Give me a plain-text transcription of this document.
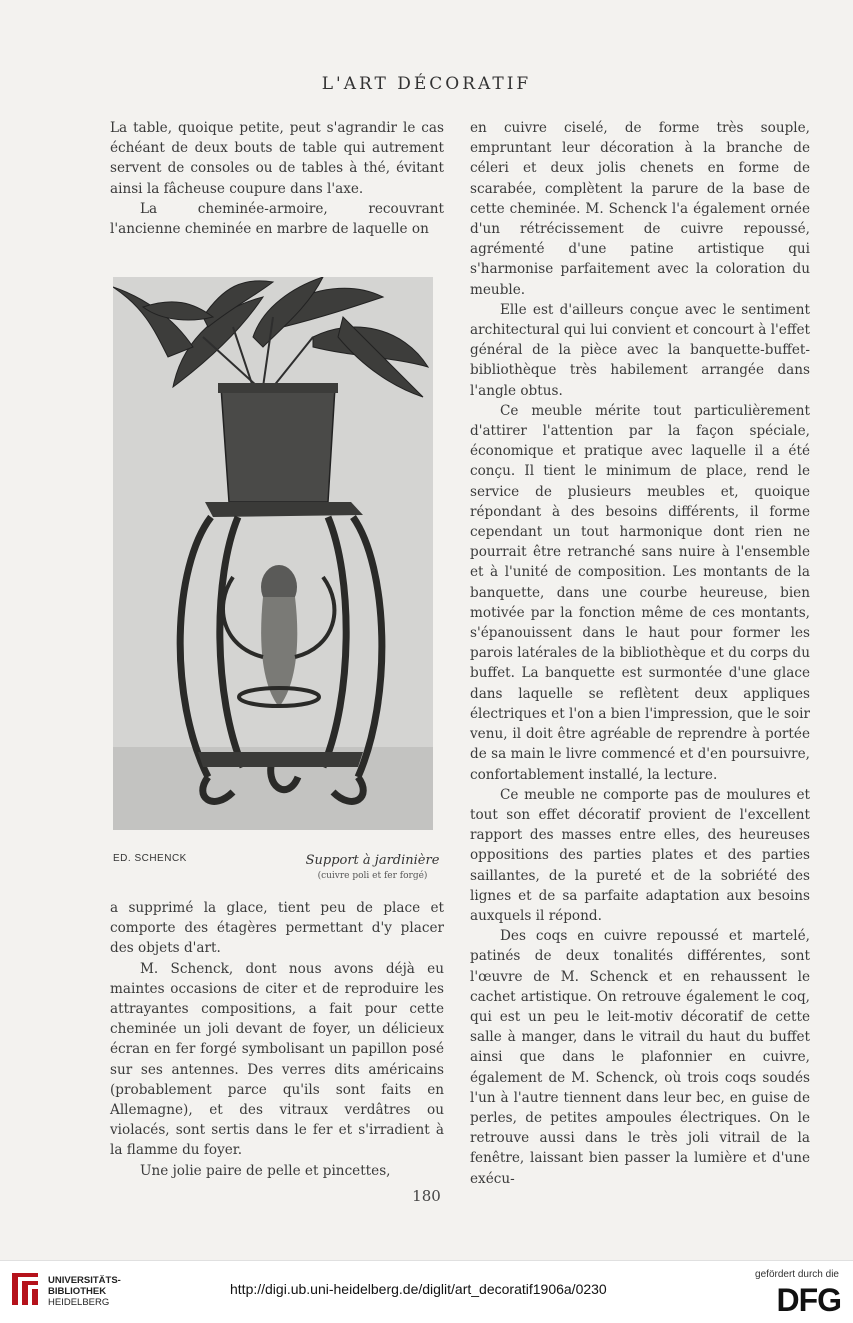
L'ART DÉCORATIF

La table, quoique petite, peut s'agrandir le cas échéant de deux bouts de table qui autrement servent de consoles ou de tables à thé, évitant ainsi la fâcheuse coupure dans l'axe.

La cheminée-armoire, recouvrant l'ancienne cheminée en marbre de laquelle on

ED. SCHENCK	Support à jardinière
(cuivre poli et fer forgé)

a supprimé la glace, tient peu de place et comporte des étagères permettant d'y placer des objets d'art.

M. Schenck, dont nous avons déjà eu maintes occasions de citer et de reproduire les attrayantes compositions, a fait pour cette cheminée un joli devant de foyer, un délicieux écran en fer forgé symbolisant un papillon posé sur ses antennes. Des verres dits américains (probablement parce qu'ils sont faits en Allemagne), et des vitraux verdâtres ou violacés, sont sertis dans le fer et s'irradient à la flamme du foyer.

Une jolie paire de pelle et pincettes,

en cuivre ciselé, de forme très souple, empruntant leur décoration à la branche de céleri et deux jolis chenets en forme de scarabée, complètent la parure de la base de cette cheminée. M. Schenck l'a également ornée d'un rétrécissement de cuivre repoussé, agrémenté d'une patine artistique qui s'harmonise parfaitement avec la coloration du meuble.

Elle est d'ailleurs conçue avec le sentiment architectural qui lui convient et concourt à l'effet général de la pièce avec la banquette-buffet-bibliothèque très habilement arrangée dans l'angle obtus.

Ce meuble mérite tout particulièrement d'attirer l'attention par la façon spéciale, économique et pratique avec laquelle il a été conçu. Il tient le minimum de place, rend le service de plusieurs meubles et, quoique répondant à des besoins différents, il forme cependant un tout harmonique dont rien ne pourrait être retranché sans nuire à l'ensemble et à l'unité de composition. Les montants de la banquette, dans une courbe heureuse, bien motivée par la fonction même de ces montants, s'épanouissent dans le haut pour former les parois latérales de la bibliothèque et du corps du buffet. La banquette est surmontée d'une glace dans laquelle se reflètent deux appliques électriques et l'on a bien l'impression, que le soir venu, il doit être agréable de reprendre à portée de sa main le livre commencé et d'en poursuivre, confortablement installé, la lecture.

Ce meuble ne comporte pas de moulures et tout son effet décoratif provient de l'excellent rapport des masses entre elles, des heureuses oppositions des parties plates et des parties saillantes, de la pureté et de la sobriété des lignes et de sa parfaite adaptation aux besoins auxquels il répond.

Des coqs en cuivre repoussé et martelé, patinés de deux tonalités différentes, sont l'œuvre de M. Schenck et en rehaussent le cachet artistique. On retrouve également le coq, qui est un peu le leit-motiv décoratif de cette salle à manger, dans le vitrail du haut du buffet ainsi que dans le plafonnier en cuivre, également de M. Schenck, où trois coqs soudés l'un à l'autre tiennent dans leur bec, en guise de perles, de petites ampoules électriques. On le retrouve aussi dans le très joli vitrail de la fenêtre, laissant bien passer la lumière et d'une exécu-

180
UNIVERSITÄTS-
BIBLIOTHEK
HEIDELBERG
http://digi.ub.uni-heidelberg.de/diglit/art_decoratif1906a/0230
gefördert durch die
DFG
